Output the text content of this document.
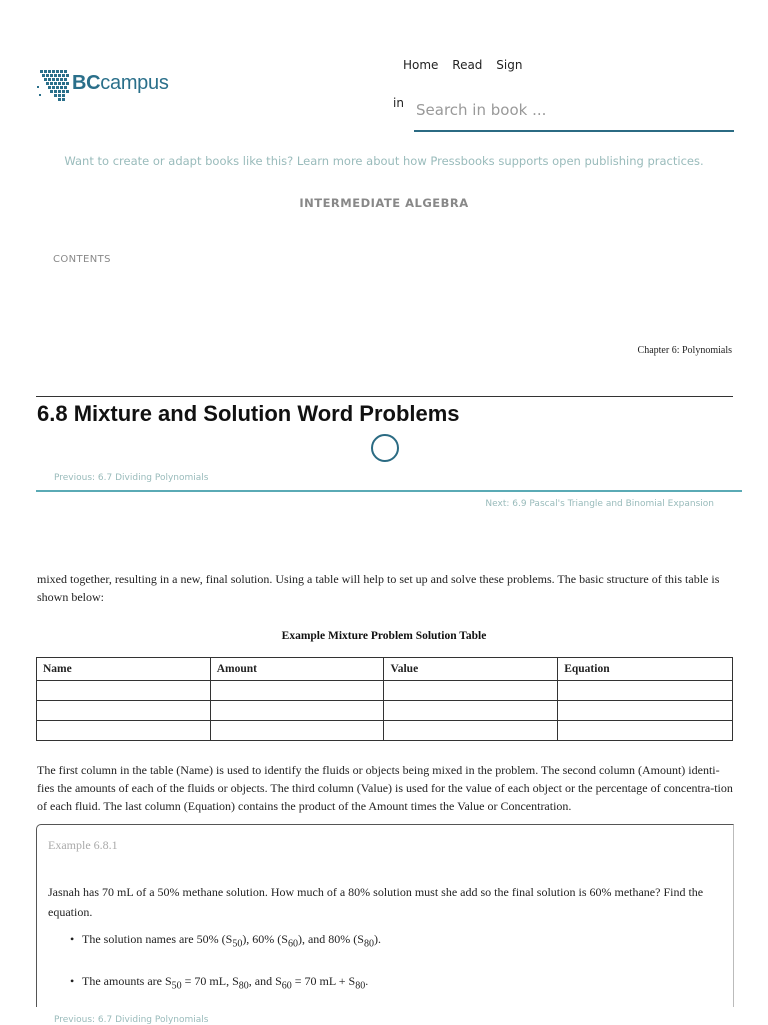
BCcampus
Home Read Sign
in
Search in book ...
Want to create or adapt books like this? Learn more about how Pressbooks supports open publishing practices.
INTERMEDIATE ALGEBRA
CONTENTS
Chapter 6: Polynomials
6.8 Mixture and Solution Word Problems
Previous: 6.7 Dividing Polynomials
Next: 6.9 Pascal's Triangle and Binomial Expansion
mixed together, resulting in a new, final solution. Using a table will help to set up and solve these problems. The basic structure of this table is shown below:
Example Mixture Problem Solution Table
Name	Amount	Value	Equation

The first column in the table (Name) is used to identify the fluids or objects being mixed in the problem. The second column (Amount) identi-fies the amounts of each of the fluids or objects. The third column (Value) is used for the value of each object or the percentage of concentra-tion of each fluid. The last column (Equation) contains the product of the Amount times the Value or Concentration.
Example 6.8.1
Jasnah has 70 mL of a 50% methane solution. How much of a 80% solution must she add so the final solution is 60% methane? Find the equation.
• The solution names are 50% $(S_{50})$, 60% $(S_{60})$, and 80% $(S_{80})$.
• The amounts are $S_{50} = 70$ mL, $S_{80}$, and $S_{60} = 70$ mL + $S_{80}$.
Previous: 6.7 Dividing Polynomials
